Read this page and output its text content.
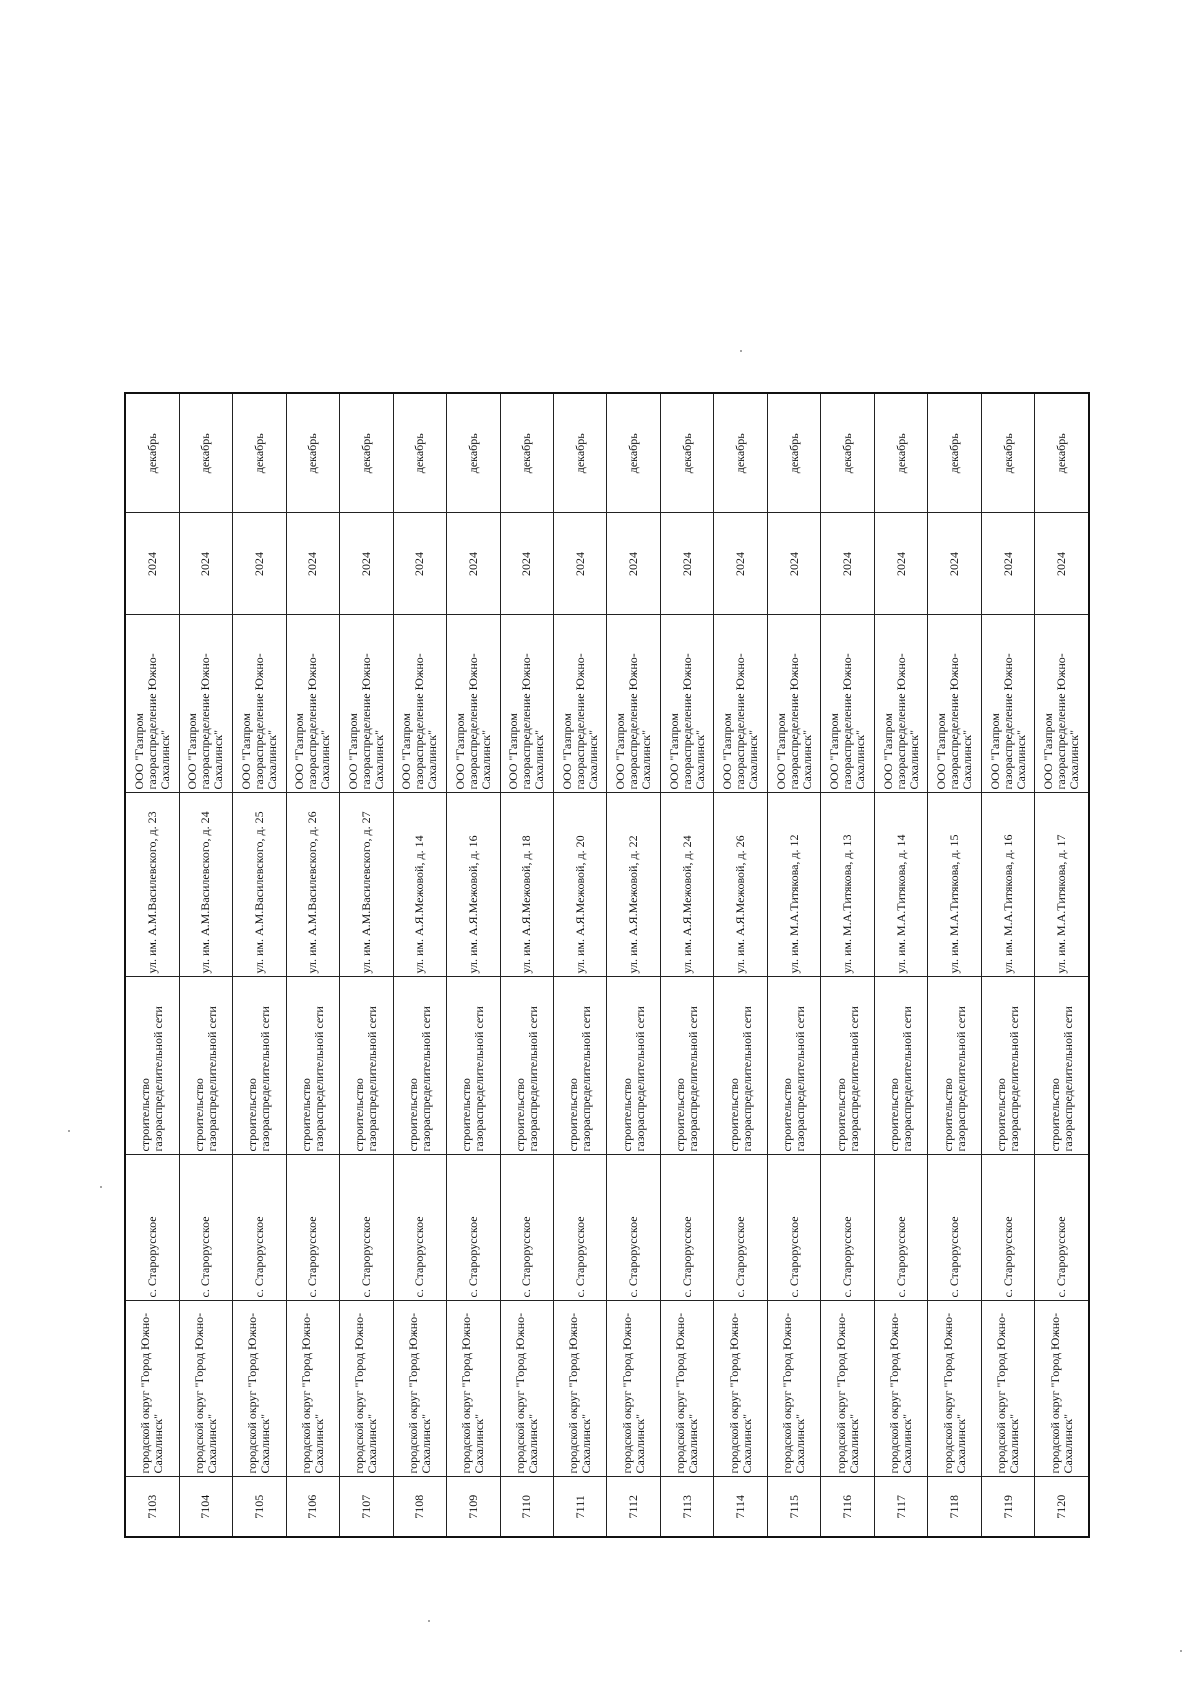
7103	городской округ "Город Южно-Сахалинск"	с. Старорусское	строительство газораспределительной сети	ул. им. А.М.Василевского, д. 23	ООО "Газпром газораспределение Южно-Сахалинск"	2024	декабрь
7104	городской округ "Город Южно-Сахалинск"	с. Старорусское	строительство газораспределительной сети	ул. им. А.М.Василевского, д. 24	ООО "Газпром газораспределение Южно-Сахалинск"	2024	декабрь
7105	городской округ "Город Южно-Сахалинск"	с. Старорусское	строительство газораспределительной сети	ул. им. А.М.Василевского, д. 25	ООО "Газпром газораспределение Южно-Сахалинск"	2024	декабрь
7106	городской округ "Город Южно-Сахалинск"	с. Старорусское	строительство газораспределительной сети	ул. им. А.М.Василевского, д. 26	ООО "Газпром газораспределение Южно-Сахалинск"	2024	декабрь
7107	городской округ "Город Южно-Сахалинск"	с. Старорусское	строительство газораспределительной сети	ул. им. А.М.Василевского, д. 27	ООО "Газпром газораспределение Южно-Сахалинск"	2024	декабрь
7108	городской округ "Город Южно-Сахалинск"	с. Старорусское	строительство газораспределительной сети	ул. им. А.Я.Межовой, д. 14	ООО "Газпром газораспределение Южно-Сахалинск"	2024	декабрь
7109	городской округ "Город Южно-Сахалинск"	с. Старорусское	строительство газораспределительной сети	ул. им. А.Я.Межовой, д. 16	ООО "Газпром газораспределение Южно-Сахалинск"	2024	декабрь
7110	городской округ "Город Южно-Сахалинск"	с. Старорусское	строительство газораспределительной сети	ул. им. А.Я.Межовой, д. 18	ООО "Газпром газораспределение Южно-Сахалинск"	2024	декабрь
7111	городской округ "Город Южно-Сахалинск"	с. Старорусское	строительство газораспределительной сети	ул. им. А.Я.Межовой, д. 20	ООО "Газпром газораспределение Южно-Сахалинск"	2024	декабрь
7112	городской округ "Город Южно-Сахалинск"	с. Старорусское	строительство газораспределительной сети	ул. им. А.Я.Межовой, д. 22	ООО "Газпром газораспределение Южно-Сахалинск"	2024	декабрь
7113	городской округ "Город Южно-Сахалинск"	с. Старорусское	строительство газораспределительной сети	ул. им. А.Я.Межовой, д. 24	ООО "Газпром газораспределение Южно-Сахалинск"	2024	декабрь
7114	городской округ "Город Южно-Сахалинск"	с. Старорусское	строительство газораспределительной сети	ул. им. А.Я.Межовой, д. 26	ООО "Газпром газораспределение Южно-Сахалинск"	2024	декабрь
7115	городской округ "Город Южно-Сахалинск"	с. Старорусское	строительство газораспределительной сети	ул. им. М.А.Титякова, д. 12	ООО "Газпром газораспределение Южно-Сахалинск"	2024	декабрь
7116	городской округ "Город Южно-Сахалинск"	с. Старорусское	строительство газораспределительной сети	ул. им. М.А.Титякова, д. 13	ООО "Газпром газораспределение Южно-Сахалинск"	2024	декабрь
7117	городской округ "Город Южно-Сахалинск"	с. Старорусское	строительство газораспределительной сети	ул. им. М.А.Титякова, д. 14	ООО "Газпром газораспределение Южно-Сахалинск"	2024	декабрь
7118	городской округ "Город Южно-Сахалинск"	с. Старорусское	строительство газораспределительной сети	ул. им. М.А.Титякова, д. 15	ООО "Газпром газораспределение Южно-Сахалинск"	2024	декабрь
7119	городской округ "Город Южно-Сахалинск"	с. Старорусское	строительство газораспределительной сети	ул. им. М.А.Титякова, д. 16	ООО "Газпром газораспределение Южно-Сахалинск"	2024	декабрь
7120	городской округ "Город Южно-Сахалинск"	с. Старорусское	строительство газораспределительной сети	ул. им. М.А.Титякова, д. 17	ООО "Газпром газораспределение Южно-Сахалинск"	2024	декабрь
